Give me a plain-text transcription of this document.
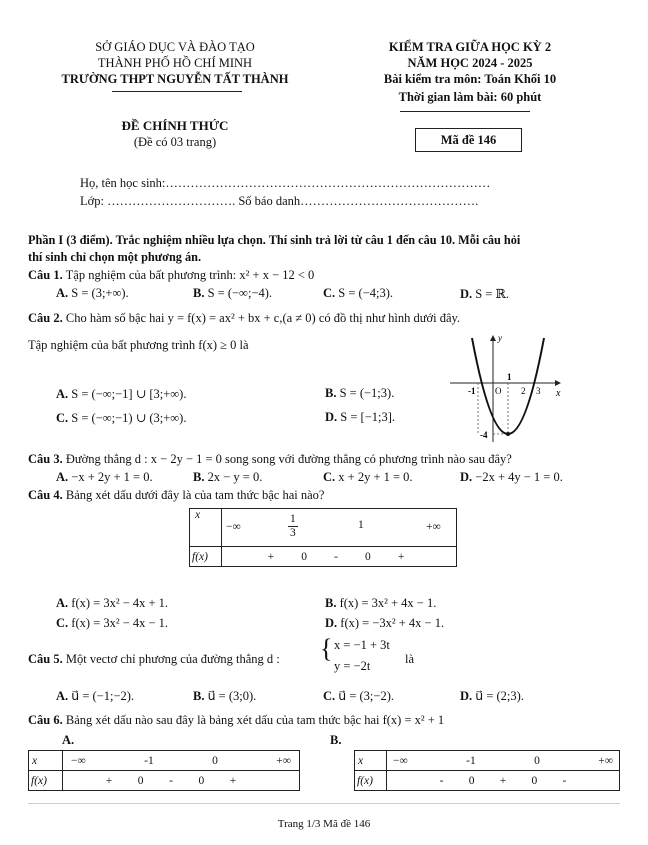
SỞ GIÁO DỤC VÀ ĐÀO TẠO
THÀNH PHỐ HỒ CHÍ MINH
TRƯỜNG THPT NGUYỄN TẤT THÀNH
ĐỀ CHÍNH THỨC
(Đề có 03 trang)
KIỂM TRA GIỮA HỌC KỲ 2
NĂM HỌC 2024 - 2025
Bài kiểm tra môn: Toán Khối 10
Thời gian làm bài: 60 phút
Mã đề 146
Họ, tên học sinh:……………………………………………………………………
Lớp: …………………………. Số báo danh…………………………………….
Phần I (3 điểm). Trắc nghiệm nhiều lựa chọn. Thí sinh trả lời từ câu 1 đến câu 10. Mỗi câu hỏi
thí sinh chỉ chọn một phương án.
Câu 1. Tập nghiệm của bất phương trình: x² + x − 12 < 0
A. S = (3;+∞).	B. S = (−∞;−4).	C. S = (−4;3).	D. S = ℝ.
Câu 2. Cho hàm số bậc hai y = f(x) = ax² + bx + c,(a ≠ 0) có đồ thị như hình dưới đây.
Tập nghiệm của bất phương trình f(x) ≥ 0 là
A. S = (−∞;−1] ∪ [3;+∞).	B. S = (−1;3).
C. S = (−∞;−1) ∪ (3;+∞).	D. S = [−1;3].
y
x
-1 O
1
2 3
-4
Câu 3. Đường thẳng d : x − 2y − 1 = 0 song song với đường thẳng có phương trình nào sau đây?
A. −x + 2y + 1 = 0.	B. 2x − y = 0.	C. x + 2y + 1 = 0.	D. −2x + 4y − 1 = 0.
Câu 4. Bảng xét dấu dưới đây là của tam thức bậc hai nào?
x	−∞ $\frac{1}{3} 1$ +∞

f(x)	+ 0 - 0 +
A. f(x) = 3x² − 4x + 1.	B. f(x) = 3x² + 4x − 1.
C. f(x) = 3x² − 4x − 1.	D. f(x) = −3x² + 4x − 1.
Câu 5. Một vectơ chỉ phương của đường thẳng d : { x = −1 + 3t
y = −2t	là
A. u⃗ = (−1;−2).	B. u⃗ = (3;0).	C. u⃗ = (3;−2).	D. u⃗ = (2;3).
Câu 6. Bảng xét dấu nào sau đây là bảng xét dấu của tam thức bậc hai f(x) = x² + 1
A.	B.
x	−∞ -1 0 +∞

f(x)	+ 0 - 0 +
x	−∞ -1 0 +∞

f(x)	- 0 + 0 -
Trang 1/3 Mã đề 146
